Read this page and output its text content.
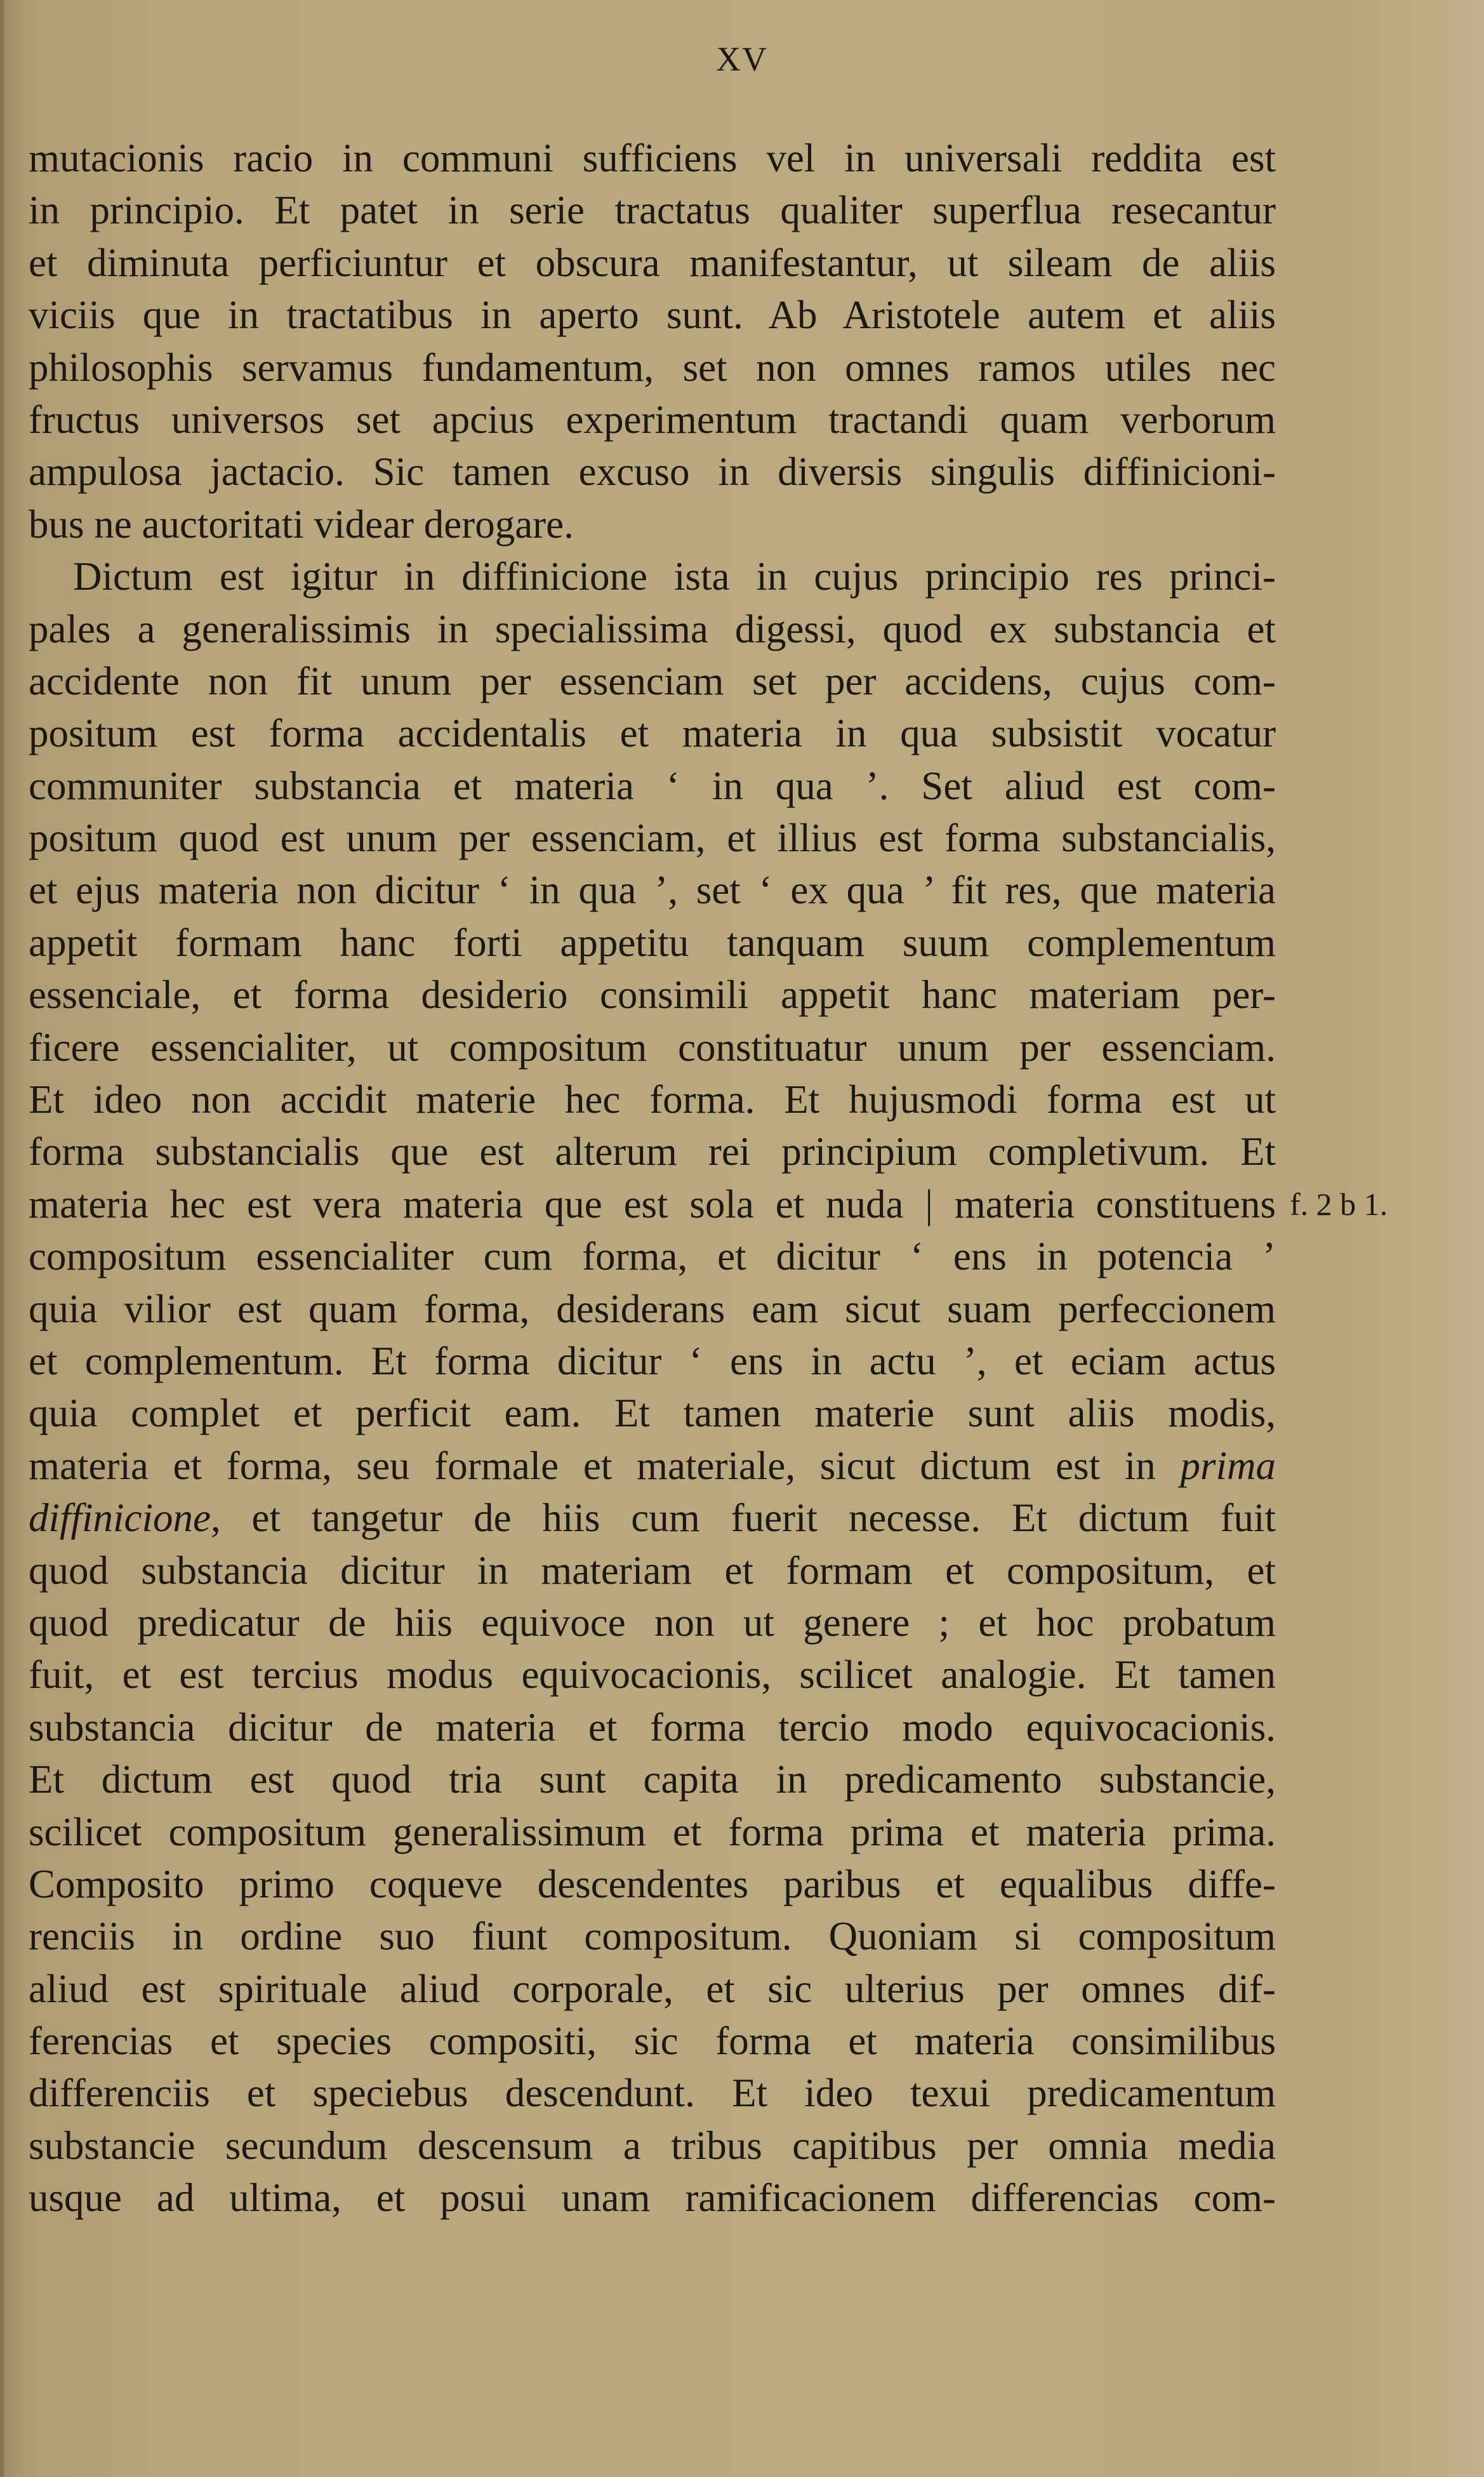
XV
mutacionis racio in communi sufficiens vel in universali reddita est
in principio. Et patet in serie tractatus qualiter superflua resecantur
et diminuta perficiuntur et obscura manifestantur, ut sileam de aliis
viciis que in tractatibus in aperto sunt. Ab Aristotele autem et aliis
philosophis servamus fundamentum, set non omnes ramos utiles nec
fructus universos set apcius experimentum tractandi quam verborum
ampulosa jactacio. Sic tamen excuso in diversis singulis diffinicioni-
bus ne auctoritati videar derogare.
Dictum est igitur in diffinicione ista in cujus principio res princi-
pales a generalissimis in specialissima digessi, quod ex substancia et
accidente non fit unum per essenciam set per accidens, cujus com-
positum est forma accidentalis et materia in qua subsistit vocatur
communiter substancia et materia ‘ in qua ’. Set aliud est com-
positum quod est unum per essenciam, et illius est forma substancialis,
et ejus materia non dicitur ‘ in qua ’, set ‘ ex qua ’ fit res, que materia
appetit formam hanc forti appetitu tanquam suum complementum
essenciale, et forma desiderio consimili appetit hanc materiam per-
ficere essencialiter, ut compositum constituatur unum per essenciam.
Et ideo non accidit materie hec forma. Et hujusmodi forma est ut
forma substancialis que est alterum rei principium completivum. Et
materia hec est vera materia que est sola et nuda | materia constituens
compositum essencialiter cum forma, et dicitur ‘ ens in potencia ’
quia vilior est quam forma, desiderans eam sicut suam perfeccionem
et complementum. Et forma dicitur ‘ ens in actu ’, et eciam actus
quia complet et perficit eam. Et tamen materie sunt aliis modis,
materia et forma, seu formale et materiale, sicut dictum est in prima
diffinicione, et tangetur de hiis cum fuerit necesse. Et dictum fuit
quod substancia dicitur in materiam et formam et compositum, et
quod predicatur de hiis equivoce non ut genere ; et hoc probatum
fuit, et est tercius modus equivocacionis, scilicet analogie. Et tamen
substancia dicitur de materia et forma tercio modo equivocacionis.
Et dictum est quod tria sunt capita in predicamento substancie,
scilicet compositum generalissimum et forma prima et materia prima.
Composito primo coqueve descendentes paribus et equalibus diffe-
renciis in ordine suo fiunt compositum. Quoniam si compositum
aliud est spirituale aliud corporale, et sic ulterius per omnes dif-
ferencias et species compositi, sic forma et materia consimilibus
differenciis et speciebus descendunt. Et ideo texui predicamentum
substancie secundum descensum a tribus capitibus per omnia media
usque ad ultima, et posui unam ramificacionem differencias com-
f. 2 b 1.
